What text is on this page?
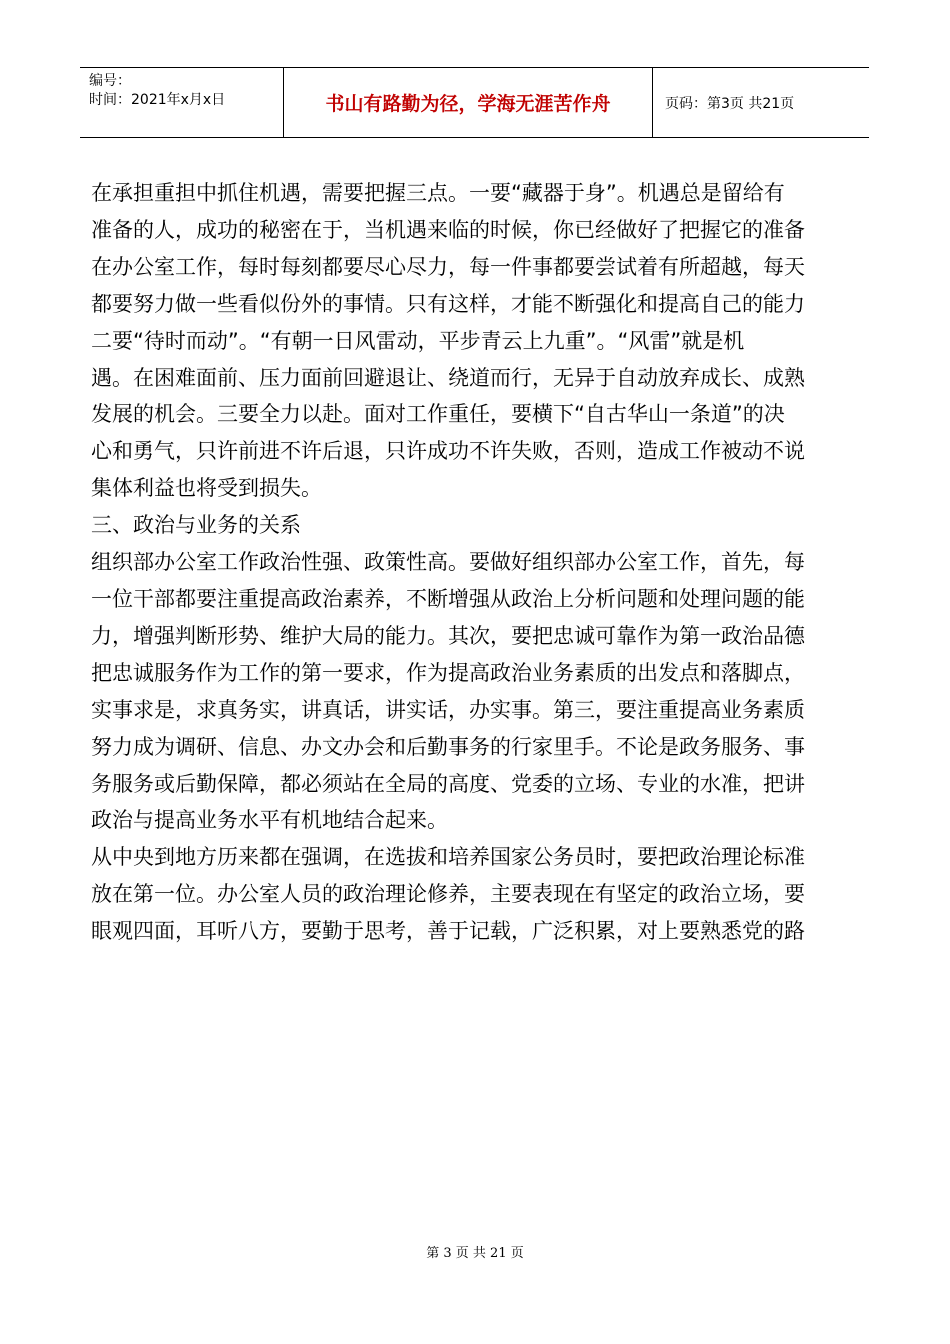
编号：
时间：2021年x月x日	书山有路勤为径，学海无涯苦作舟	页码：第3页 共21页

在承担重担中抓住机遇，需要把握三点。一要“藏器于身”。机遇总是留给有

准备的人，成功的秘密在于，当机遇来临的时候，你已经做好了把握它的准备

在办公室工作，每时每刻都要尽心尽力，每一件事都要尝试着有所超越，每天

都要努力做一些看似份外的事情。只有这样，才能不断强化和提高自己的能力

二要“待时而动”。“有朝一日风雷动，平步青云上九重”。“风雷”就是机

遇。在困难面前、压力面前回避退让、绕道而行，无异于自动放弃成长、成熟

发展的机会。三要全力以赴。面对工作重任，要横下“自古华山一条道”的决

心和勇气，只许前进不许后退，只许成功不许失败，否则，造成工作被动不说

集体利益也将受到损失。

三、政治与业务的关系

组织部办公室工作政治性强、政策性高。要做好组织部办公室工作，首先，每

一位干部都要注重提高政治素养，不断增强从政治上分析问题和处理问题的能

力，增强判断形势、维护大局的能力。其次，要把忠诚可靠作为第一政治品德

把忠诚服务作为工作的第一要求，作为提高政治业务素质的出发点和落脚点，

实事求是，求真务实，讲真话，讲实话，办实事。第三，要注重提高业务素质

努力成为调研、信息、办文办会和后勤事务的行家里手。不论是政务服务、事

务服务或后勤保障，都必须站在全局的高度、党委的立场、专业的水准，把讲

政治与提高业务水平有机地结合起来。

从中央到地方历来都在强调，在选拔和培养国家公务员时，要把政治理论标准

放在第一位。办公室人员的政治理论修养，主要表现在有坚定的政治立场，要

眼观四面，耳听八方，要勤于思考，善于记载，广泛积累，对上要熟悉党的路

第 3 页 共 21 页
